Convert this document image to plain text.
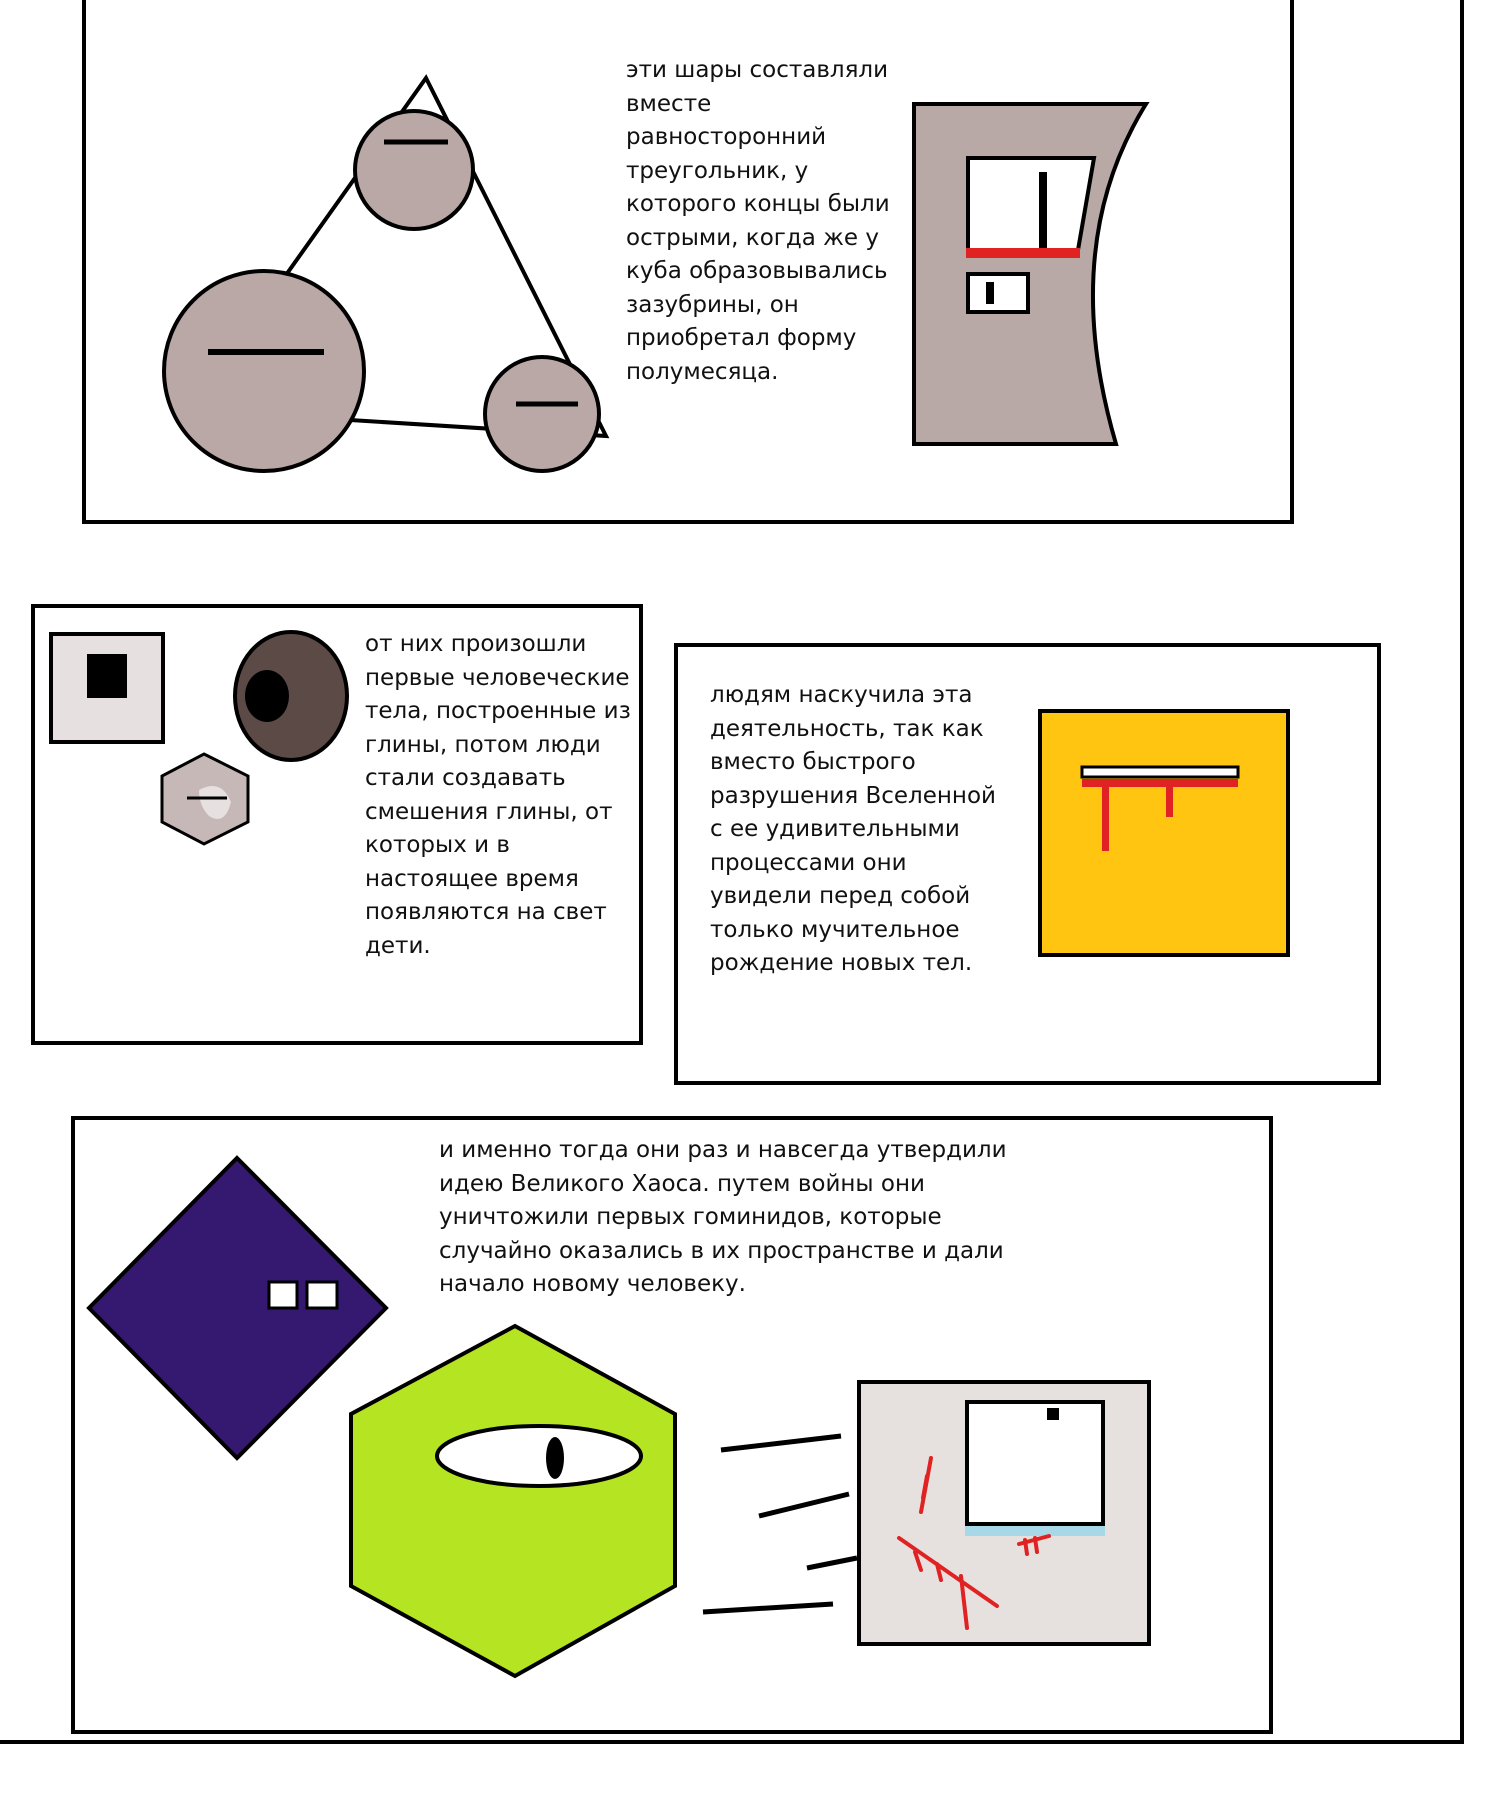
эти шары составляли
вместе
равносторонний
треугольник, у
которого концы были
острыми, когда же у
куба образовывались
зазубрины, он
приобретал форму
полумесяца.

от них произошли
первые человеческие
тела, построенные из
глины, потом люди
стали создавать
смешения глины, от
которых и в
настоящее время
появляются на свет
дети.

людям наскучила эта
деятельность, так как
вместо быстрого
разрушения Вселенной
с ее удивительными
процессами они
увидели перед собой
только мучительное
рождение новых тел.

и именно тогда они раз и навсегда утвердили
идею Великого Хаоса. путем войны они
уничтожили первых гоминидов, которые
случайно оказались в их пространстве и дали
начало новому человеку.
